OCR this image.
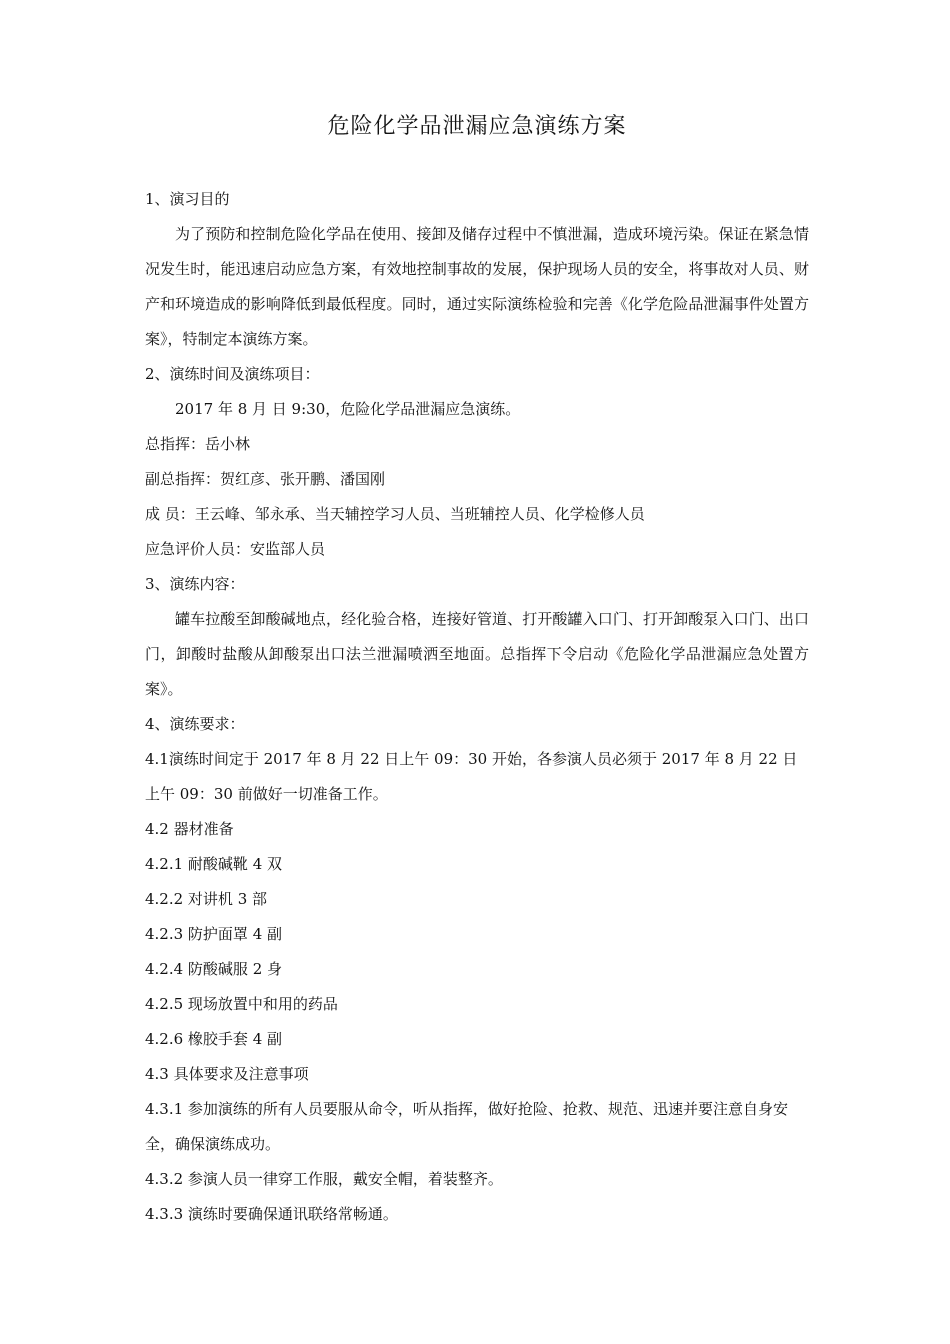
危险化学品泄漏应急演练方案

1、演习目的

为了预防和控制危险化学品在使用、接卸及储存过程中不慎泄漏，造成环境污染。保证在紧急情况发生时，能迅速启动应急方案，有效地控制事故的发展，保护现场人员的安全，将事故对人员、财产和环境造成的影响降低到最低程度。同时，通过实际演练检验和完善《化学危险品泄漏事件处置方案》，特制定本演练方案。

2、演练时间及演练项目：

2017 年 8 月 日 9:30，危险化学品泄漏应急演练。

总指挥：岳小林

副总指挥：贺红彦、张开鹏、潘国刚

成 员：王云峰、邹永承、当天辅控学习人员、当班辅控人员、化学检修人员

应急评价人员：安监部人员

3、演练内容：

罐车拉酸至卸酸碱地点，经化验合格，连接好管道、打开酸罐入口门、打开卸酸泵入口门、出口门，卸酸时盐酸从卸酸泵出口法兰泄漏喷洒至地面。总指挥下令启动《危险化学品泄漏应急处置方案》。

4、演练要求：

4.1演练时间定于 2017 年 8 月 22 日上午 09：30 开始，各参演人员必须于 2017 年 8 月 22 日 上午 09：30 前做好一切准备工作。

4.2 器材准备

4.2.1 耐酸碱靴 4 双

4.2.2 对讲机 3 部

4.2.3 防护面罩 4 副

4.2.4 防酸碱服 2 身

4.2.5 现场放置中和用的药品

4.2.6 橡胶手套 4 副

4.3 具体要求及注意事项

4.3.1 参加演练的所有人员要服从命令，听从指挥，做好抢险、抢救、规范、迅速并要注意自身安全，确保演练成功。

4.3.2 参演人员一律穿工作服，戴安全帽，着装整齐。

4.3.3 演练时要确保通讯联络常畅通。
